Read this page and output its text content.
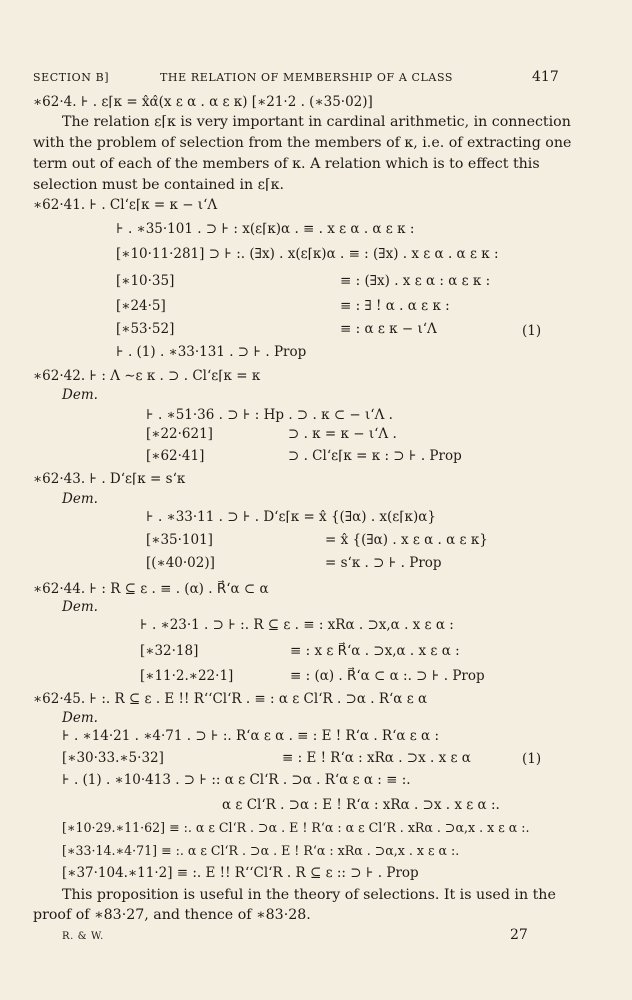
SECTION B]	THE RELATION OF MEMBERSHIP OF A CLASS	417
∗62·4. ⊦ . ε⌈κ = x̂α̂(x ε α . α ε κ) [∗21·2 . (∗35·02)]
The relation ε⌈κ is very important in cardinal arithmetic, in connection
with the problem of selection from the members of κ, i.e. of extracting one
term out of each of the members of κ. A relation which is to effect this
selection must be contained in ε⌈κ.
∗62·41. ⊦ . Cl‘ε⌈κ = κ − ι‘Λ
⊦ . ∗35·101 . ⊃ ⊦ : x(ε⌈κ)α . ≡ . x ε α . α ε κ :
[∗10·11·281] ⊃ ⊦ :. (∃x) . x(ε⌈κ)α . ≡ : (∃x) . x ε α . α ε κ :
[∗10·35]	≡ : (∃x) . x ε α : α ε κ :
[∗24·5]	≡ : ∃ ! α . α ε κ :
[∗53·52]	≡ : α ε κ − ι‘Λ	(1)
⊦ . (1) . ∗33·131 . ⊃ ⊦ . Prop
∗62·42. ⊦ : Λ ∼ε κ . ⊃ . Cl‘ε⌈κ = κ
Dem.
⊦ . ∗51·36 . ⊃ ⊦ : Hp . ⊃ . κ ⊂ − ι‘Λ .
[∗22·621]	⊃ . κ = κ − ι‘Λ .
[∗62·41]	⊃ . Cl‘ε⌈κ = κ : ⊃ ⊦ . Prop
∗62·43. ⊦ . D‘ε⌈κ = s‘κ
Dem.
⊦ . ∗33·11 . ⊃ ⊦ . D‘ε⌈κ = x̂ {(∃α) . x(ε⌈κ)α}
[∗35·101]	= x̂ {(∃α) . x ε α . α ε κ}
[(∗40·02)]	= s‘κ . ⊃ ⊦ . Prop
∗62·44. ⊦ : R ⊆ ε . ≡ . (α) . R⃗‘α ⊂ α
Dem.
⊦ . ∗23·1 . ⊃ ⊦ :. R ⊆ ε . ≡ : xRα . ⊃x,α . x ε α :
[∗32·18]	≡ : x ε R⃗‘α . ⊃x,α . x ε α :
[∗11·2.∗22·1]	≡ : (α) . R⃗‘α ⊂ α :. ⊃ ⊦ . Prop
∗62·45. ⊦ :. R ⊆ ε . E !! R‘‘Cl‘R . ≡ : α ε Cl‘R . ⊃α . R‘α ε α
Dem.
⊦ . ∗14·21 . ∗4·71 . ⊃ ⊦ :. R‘α ε α . ≡ : E ! R‘α . R‘α ε α :
[∗30·33.∗5·32]	≡ : E ! R‘α : xRα . ⊃x . x ε α	(1)
⊦ . (1) . ∗10·413 . ⊃ ⊦ :: α ε Cl‘R . ⊃α . R‘α ε α : ≡ :.
α ε Cl‘R . ⊃α : E ! R‘α : xRα . ⊃x . x ε α :.
[∗10·29.∗11·62] ≡ :. α ε Cl‘R . ⊃α . E ! R‘α : α ε Cl‘R . xRα . ⊃α,x . x ε α :.
[∗33·14.∗4·71] ≡ :. α ε Cl‘R . ⊃α . E ! R‘α : xRα . ⊃α,x . x ε α :.
[∗37·104.∗11·2] ≡ :. E !! R‘‘Cl‘R . R ⊆ ε :: ⊃ ⊦ . Prop
This proposition is useful in the theory of selections. It is used in the
proof of ∗83·27, and thence of ∗83·28.
R. & W.	27
